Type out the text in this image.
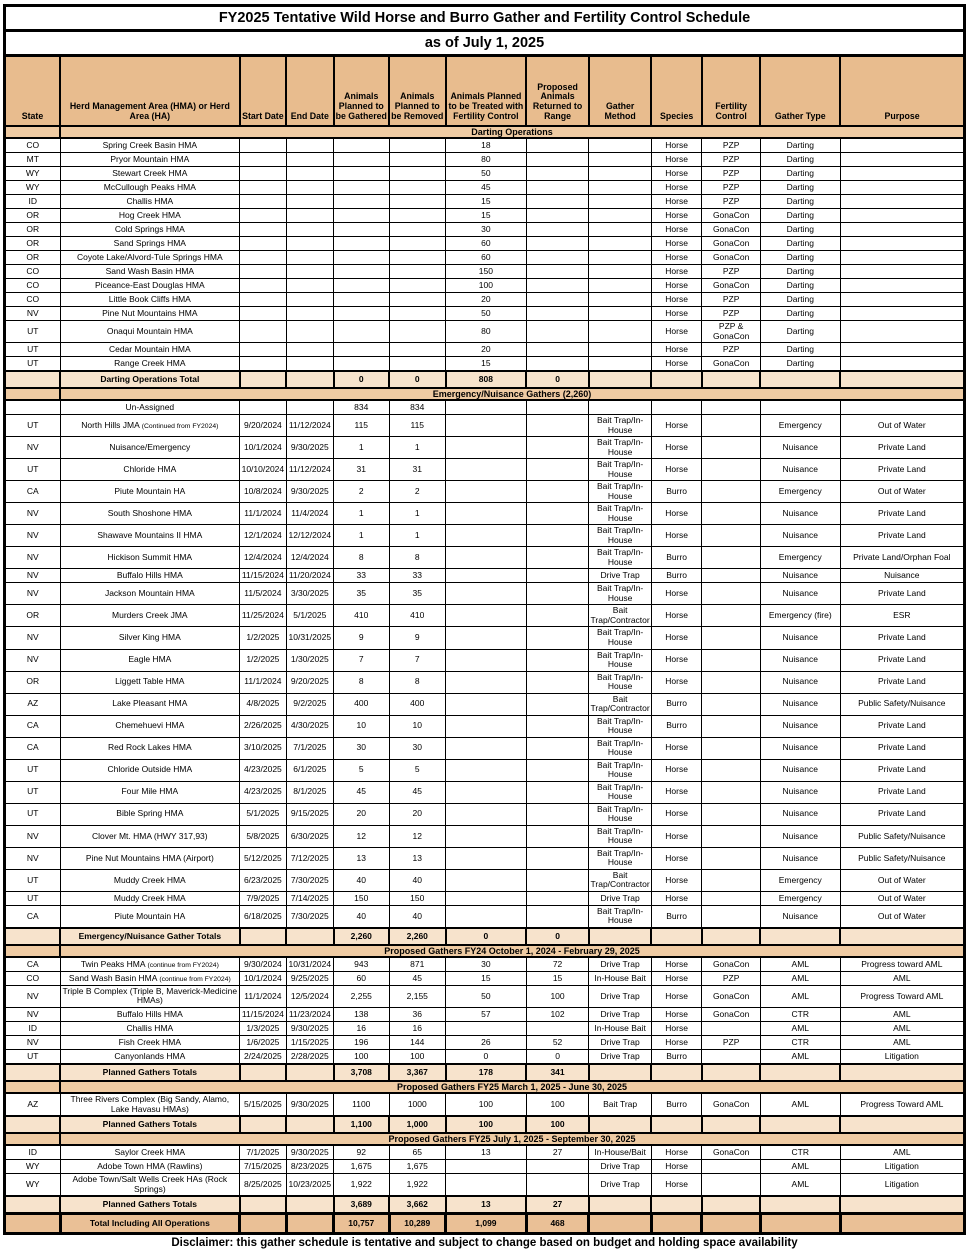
FY2025 Tentative Wild Horse and Burro Gather and Fertility Control Schedule												
as of July 1, 2025												
State	Herd Management Area (HMA) or Herd Area (HA)	Start Date	End Date	Animals Planned to be Gathered	Animals Planned to be Removed	Animals Planned to be Treated with Fertility Control	Proposed Animals Returned to Range	Gather Method	Species	Fertility Control	Gather Type	Purpose
	Darting Operations											
CO	Spring Creek Basin HMA					18			Horse	PZP	Darting	
MT	Pryor Mountain HMA					80			Horse	PZP	Darting	
WY	Stewart Creek HMA					50			Horse	PZP	Darting	
WY	McCullough Peaks HMA					45			Horse	PZP	Darting	
ID	Challis HMA					15			Horse	PZP	Darting	
OR	Hog Creek HMA					15			Horse	GonaCon	Darting	
OR	Cold Springs HMA					30			Horse	GonaCon	Darting	
OR	Sand Springs HMA					60			Horse	GonaCon	Darting	
OR	Coyote Lake/Alvord-Tule Springs HMA					60			Horse	GonaCon	Darting	
CO	Sand Wash Basin HMA					150			Horse	PZP	Darting	
CO	Piceance-East Douglas HMA					100			Horse	GonaCon	Darting	
CO	Little Book Cliffs HMA					20			Horse	PZP	Darting	
NV	Pine Nut Mountains HMA					50			Horse	PZP	Darting	
UT	Onaqui Mountain HMA					80			Horse	PZP & GonaCon	Darting	
UT	Cedar Mountain HMA					20			Horse	PZP	Darting	
UT	Range Creek HMA					15			Horse	GonaCon	Darting	
	Darting Operations Total			0	0	808	0					
	Emergency/Nuisance Gathers (2,260)											
	Un-Assigned			834	834							
UT	North Hills JMA (Continued from FY2024)	9/20/2024	11/12/2024	115	115			Bait Trap/In-House	Horse		Emergency	Out of Water
NV	Nuisance/Emergency	10/1/2024	9/30/2025	1	1			Bait Trap/In-House	Horse		Nuisance	Private Land
UT	Chloride HMA	10/10/2024	11/12/2024	31	31			Bait Trap/In-House	Horse		Nuisance	Private Land
CA	Piute Mountain HA	10/8/2024	9/30/2025	2	2			Bait Trap/In-House	Burro		Emergency	Out of Water
NV	South Shoshone HMA	11/1/2024	11/4/2024	1	1			Bait Trap/In-House	Horse		Nuisance	Private Land
NV	Shawave Mountains II HMA	12/1/2024	12/12/2024	1	1			Bait Trap/In-House	Horse		Nuisance	Private Land
NV	Hickison Summit HMA	12/4/2024	12/4/2024	8	8			Bait Trap/In-House	Burro		Emergency	Private Land/Orphan Foal
NV	Buffalo Hills HMA	11/15/2024	11/20/2024	33	33			Drive Trap	Burro		Nuisance	Nuisance
NV	Jackson Mountain HMA	11/5/2024	3/30/2025	35	35			Bait Trap/In-House	Horse		Nuisance	Private Land
OR	Murders Creek JMA	11/25/2024	5/1/2025	410	410			Bait Trap/Contractor	Horse		Emergency (fire)	ESR
NV	Silver King HMA	1/2/2025	10/31/2025	9	9			Bait Trap/In-House	Horse		Nuisance	Private Land
NV	Eagle HMA	1/2/2025	1/30/2025	7	7			Bait Trap/In-House	Horse		Nuisance	Private Land
OR	Liggett Table HMA	11/1/2024	9/20/2025	8	8			Bait Trap/In-House	Horse		Nuisance	Private Land
AZ	Lake Pleasant HMA	4/8/2025	9/2/2025	400	400			Bait Trap/Contractor	Burro		Nuisance	Public Safety/Nuisance
CA	Chemehuevi HMA	2/26/2025	4/30/2025	10	10			Bait Trap/In-House	Burro		Nuisance	Private Land
CA	Red Rock Lakes HMA	3/10/2025	7/1/2025	30	30			Bait Trap/In-House	Horse		Nuisance	Private Land
UT	Chloride Outside HMA	4/23/2025	6/1/2025	5	5			Bait Trap/In-House	Horse		Nuisance	Private Land
UT	Four Mile HMA	4/23/2025	8/1/2025	45	45			Bait Trap/In-House	Horse		Nuisance	Private Land
UT	Bible Spring HMA	5/1/2025	9/15/2025	20	20			Bait Trap/In-House	Horse		Nuisance	Private Land
NV	Clover Mt. HMA (HWY 317,93)	5/8/2025	6/30/2025	12	12			Bait Trap/In-House	Horse		Nuisance	Public Safety/Nuisance
NV	Pine Nut Mountains HMA (Airport)	5/12/2025	7/12/2025	13	13			Bait Trap/In-House	Horse		Nuisance	Public Safety/Nuisance
UT	Muddy Creek HMA	6/23/2025	7/30/2025	40	40			Bait Trap/Contractor	Horse		Emergency	Out of Water
UT	Muddy Creek HMA	7/9/2025	7/14/2025	150	150			Drive Trap	Horse		Emergency	Out of Water
CA	Piute Mountain HA	6/18/2025	7/30/2025	40	40			Bait Trap/In-House	Burro		Nuisance	Out of Water
	Emergency/Nuisance Gather Totals			2,260	2,260	0	0					
	Proposed Gathers FY24 October 1, 2024 - February 29, 2025											
CA	Twin Peaks HMA (continue from FY2024)	9/30/2024	10/31/2024	943	871	30	72	Drive Trap	Horse	GonaCon	AML	Progress toward AML
CO	Sand Wash Basin HMA (continue from FY2024)	10/1/2024	9/25/2025	60	45	15	15	In-House Bait	Horse	PZP	AML	AML
NV	Triple B Complex (Triple B, Maverick-Medicine HMAs)	11/1/2024	12/5/2024	2,255	2,155	50	100	Drive Trap	Horse	GonaCon	AML	Progress Toward AML
NV	Buffalo Hills HMA	11/15/2024	11/23/2024	138	36	57	102	Drive Trap	Horse	GonaCon	CTR	AML
ID	Challis HMA	1/3/2025	9/30/2025	16	16			In-House Bait	Horse		AML	AML
NV	Fish Creek HMA	1/6/2025	1/15/2025	196	144	26	52	Drive Trap	Horse	PZP	CTR	AML
UT	Canyonlands HMA	2/24/2025	2/28/2025	100	100	0	0	Drive Trap	Burro		AML	Litigation
	Planned Gathers Totals			3,708	3,367	178	341					
	Proposed Gathers FY25 March 1, 2025 - June 30, 2025											
AZ	Three Rivers Complex (Big Sandy, Alamo, Lake Havasu HMAs)	5/15/2025	9/30/2025	1100	1000	100	100	Bait Trap	Burro	GonaCon	AML	Progress Toward AML
	Planned Gathers Totals			1,100	1,000	100	100					
	Proposed Gathers FY25 July 1, 2025 - September 30, 2025											
ID	Saylor Creek HMA	7/1/2025	9/30/2025	92	65	13	27	In-House/Bait	Horse	GonaCon	CTR	AML
WY	Adobe Town HMA (Rawlins)	7/15/2025	8/23/2025	1,675	1,675			Drive Trap	Horse		AML	Litigation
WY	Adobe Town/Salt Wells Creek HAs (Rock Springs)	8/25/2025	10/23/2025	1,922	1,922			Drive Trap	Horse		AML	Litigation
	Planned Gathers Totals			3,689	3,662	13	27					
	Total Including All Operations			10,757	10,289	1,099	468					
Disclaimer: this gather schedule is tentative and subject to change based on budget and holding space availability
